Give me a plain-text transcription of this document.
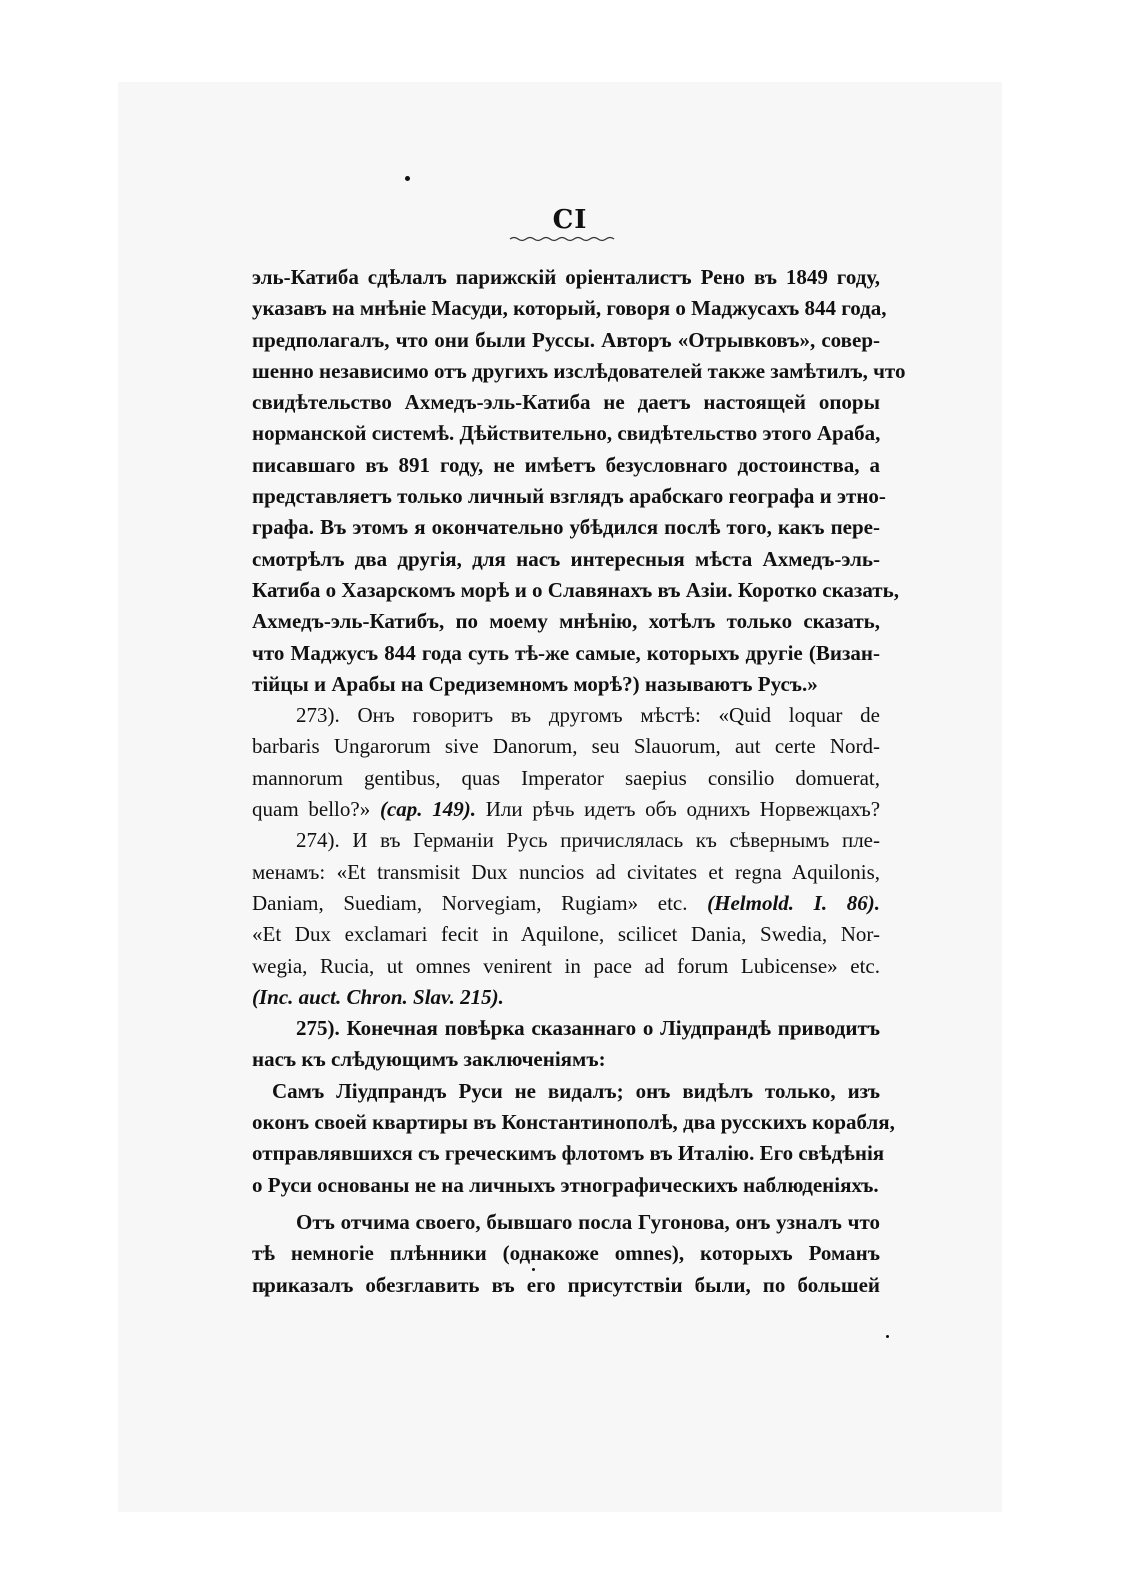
CI
эль-Катиба сдѣлалъ парижскій оріенталистъ Рено въ 1849 году,
указавъ на мнѣніе Масуди, который, говоря о Маджусахъ 844 года,
предполагалъ, что они были Руссы. Авторъ «Отрывковъ», совер-
шенно независимо отъ другихъ изслѣдователей также замѣтилъ, что
свидѣтельство Ахмедъ-эль-Катиба не даетъ настоящей опоры
норманской системѣ. Дѣйствительно, свидѣтельство этого Араба,
писавшаго въ 891 году, не имѣетъ безусловнаго достоинства, а
представляетъ только личный взглядъ арабскаго географа и этно-
графа. Въ этомъ я окончательно убѣдился послѣ того, какъ пере-
смотрѣлъ два другія, для насъ интересныя мѣста Ахмедъ-эль-
Катиба о Хазарскомъ морѣ и о Славянахъ въ Азіи. Коротко сказать,
Ахмедъ-эль-Катибъ, по моему мнѣнію, хотѣлъ только сказать,
что Маджусъ 844 года суть тѣ-же самые, которыхъ другіе (Визан-
тійцы и Арабы на Средиземномъ морѣ?) называютъ Русъ.»
273). Онъ говоритъ въ другомъ мѣстѣ: «Quid loquar de
barbaris Ungarorum sive Danorum, seu Slauorum, aut certe Nord-
mannorum gentibus, quas Imperator saepius consilio domuerat,
quam bello?» (cap. 149). Или рѣчь идетъ объ однихъ Норвежцахъ?
274). И въ Германіи Русь причислялась къ сѣвернымъ пле-
менамъ: «Et transmisit Dux nuncios ad civitates et regna Aquilonis,
Daniam, Suediam, Norvegiam, Rugiam» etc. (Helmold. I. 86).
«Et Dux exclamari fecit in Aquilone, scilicet Dania, Swedia, Nor-
wegia, Rucia, ut omnes venirent in pace ad forum Lubicense» etc.
(Inc. auct. Chron. Slav. 215).
275). Конечная повѣрка сказаннаго о Ліудпрандѣ приводитъ
насъ къ слѣдующимъ заключеніямъ:
Самъ Ліудпрандъ Руси не видалъ; онъ видѣлъ только, изъ
оконъ своей квартиры въ Константинополѣ, два русскихъ корабля,
отправлявшихся съ греческимъ флотомъ въ Италію. Его свѣдѣнія
о Руси основаны не на личныхъ этнографическихъ наблюденіяхъ.
Отъ отчима своего, бывшаго посла Гугонова, онъ узналъ что
тѣ немногіе плѣнники (однакоже omnes), которыхъ Романъ
приказалъ обезглавить въ его присутствіи были, по большей
